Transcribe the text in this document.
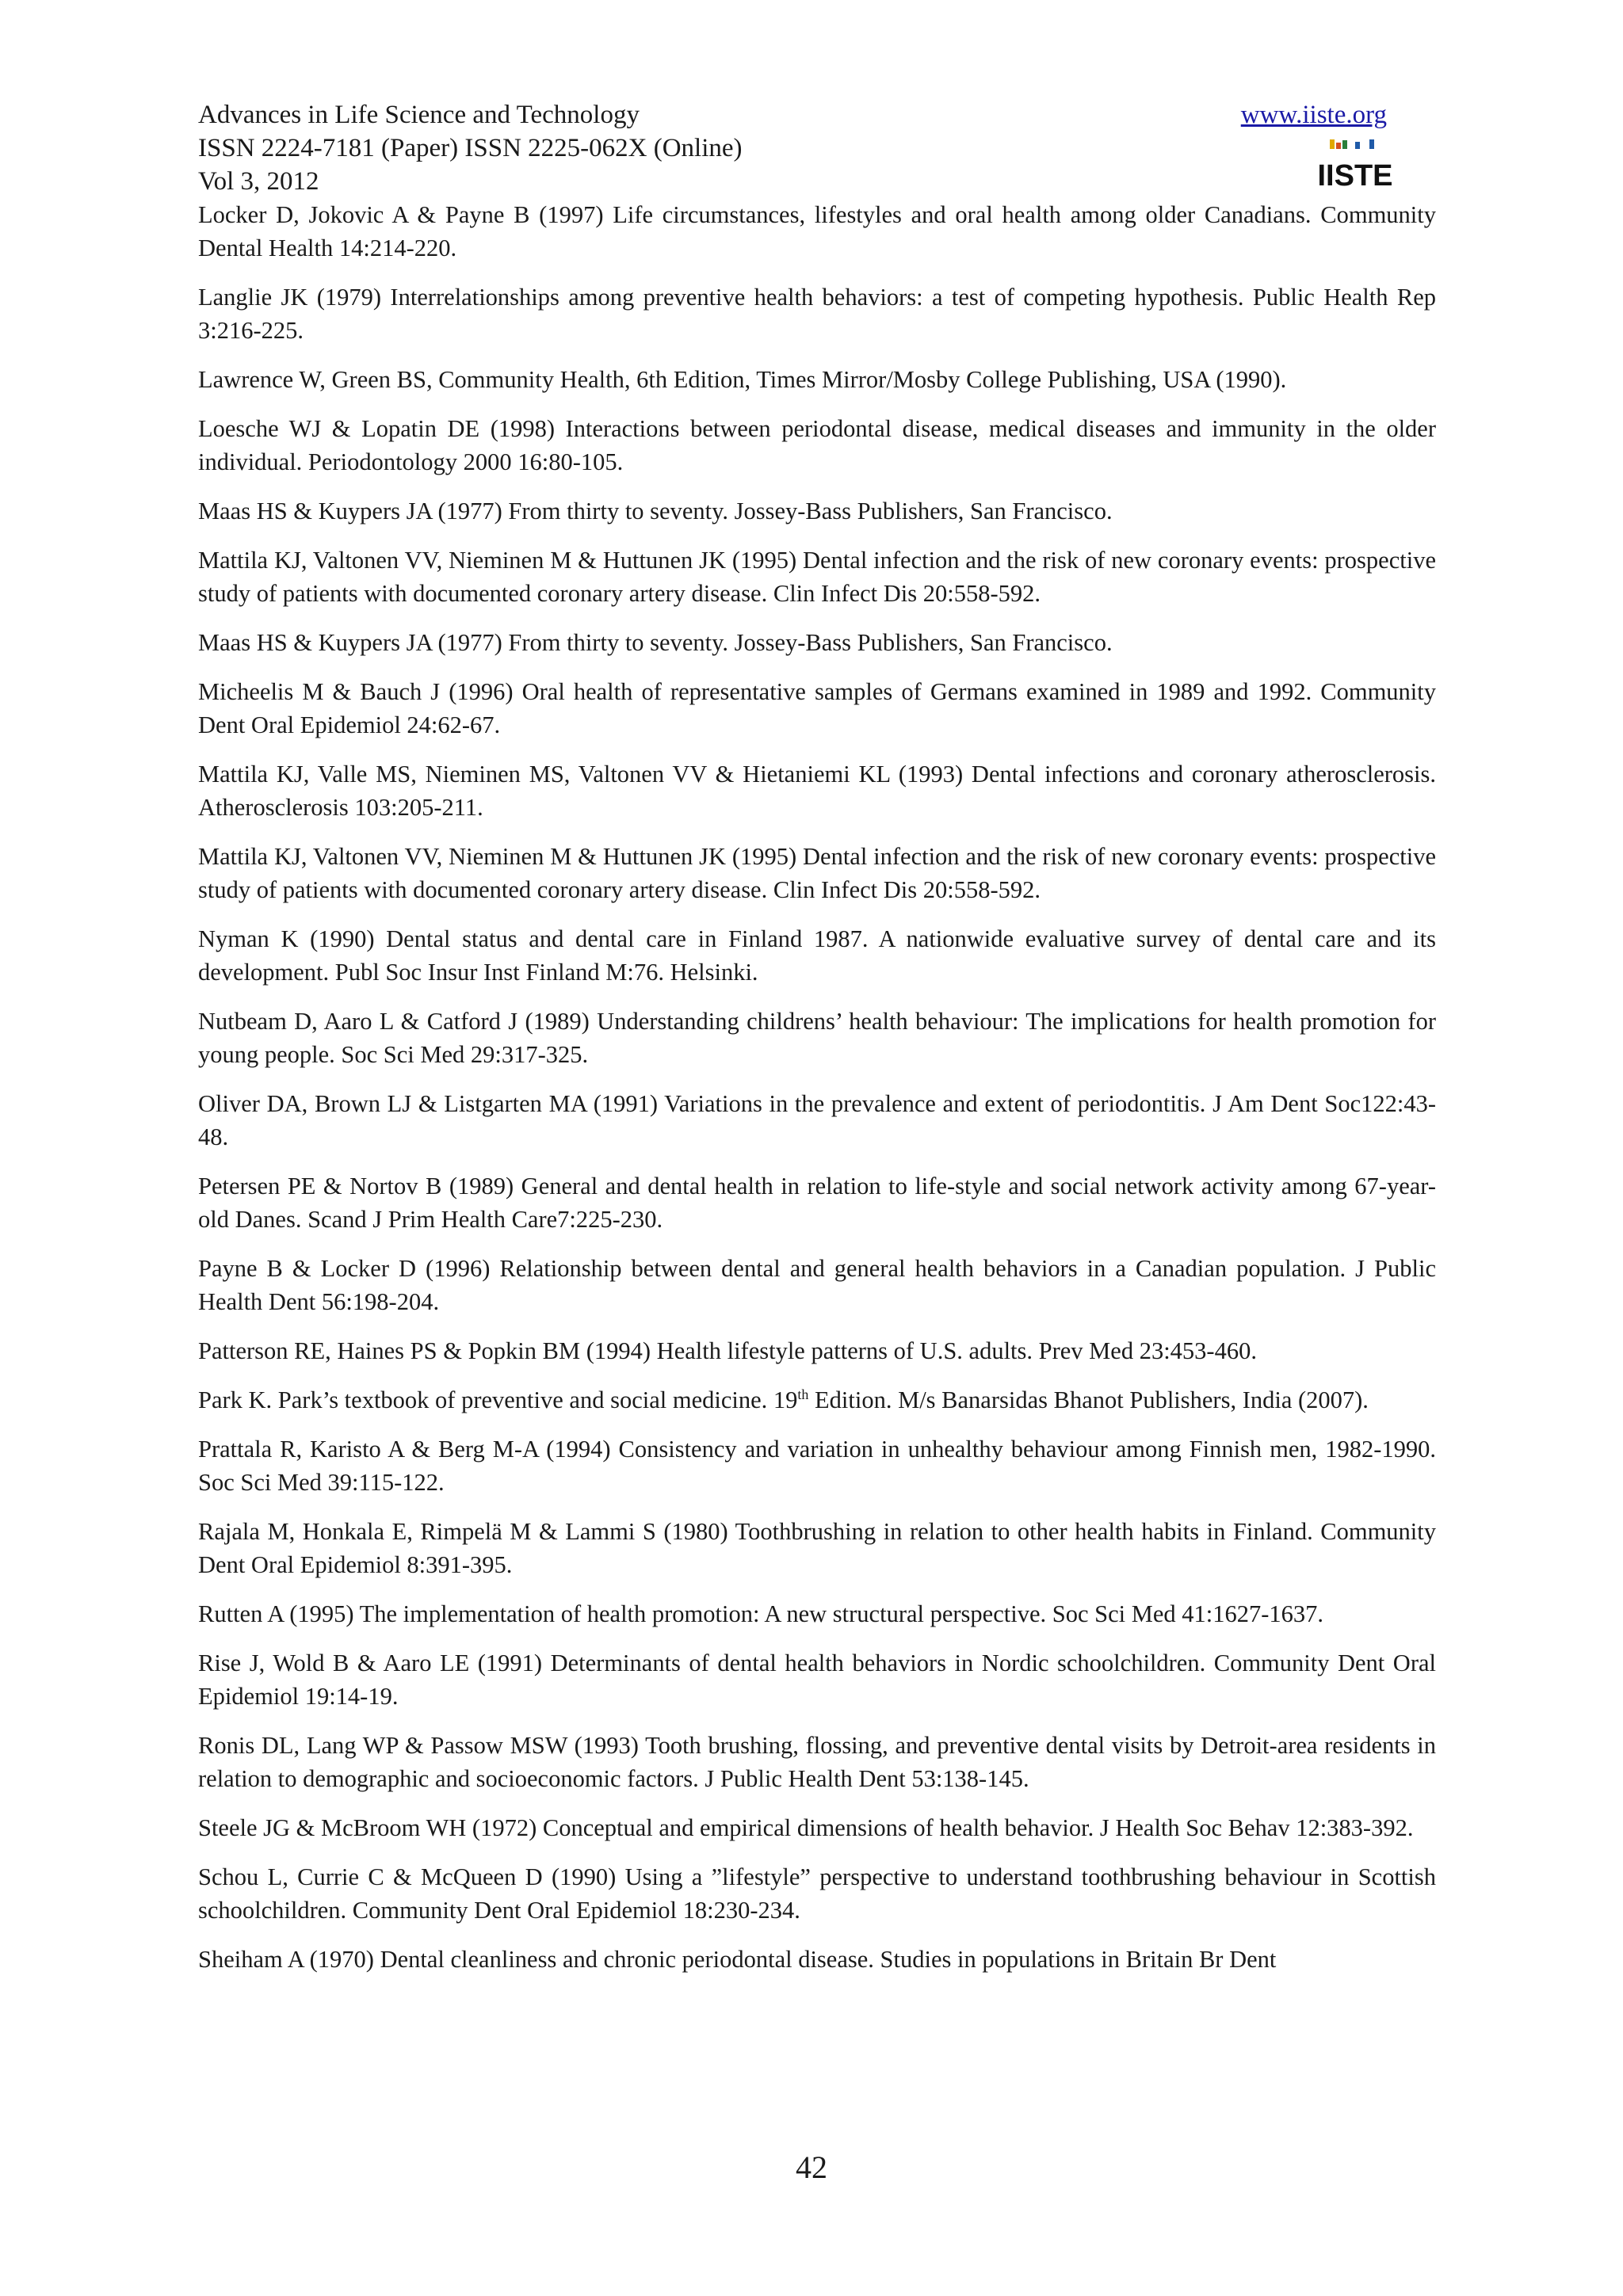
Advances in Life Science and Technology
ISSN 2224-7181 (Paper) ISSN 2225-062X (Online)
Vol 3, 2012
www.iiste.org
IISTE

Locker D, Jokovic A & Payne B (1997) Life circumstances, lifestyles and oral health among older Canadians. Community Dental Health 14:214-220.

Langlie JK (1979) Interrelationships among preventive health behaviors: a test of competing hypothesis. Public Health Rep 3:216-225.

Lawrence W, Green BS, Community Health, 6th Edition, Times Mirror/Mosby College Publishing, USA (1990).

Loesche WJ & Lopatin DE (1998) Interactions between periodontal disease, medical diseases and immunity in the older individual. Periodontology 2000 16:80-105.

Maas HS & Kuypers JA (1977) From thirty to seventy. Jossey-Bass Publishers, San Francisco.

Mattila KJ, Valtonen VV, Nieminen M & Huttunen JK (1995) Dental infection and the risk of new coronary events: prospective study of patients with documented coronary artery disease. Clin Infect Dis 20:558-592.

Maas HS & Kuypers JA (1977) From thirty to seventy. Jossey-Bass Publishers, San Francisco.

Micheelis M & Bauch J (1996) Oral health of representative samples of Germans examined in 1989 and 1992. Community Dent Oral Epidemiol 24:62-67.

Mattila KJ, Valle MS, Nieminen MS, Valtonen VV & Hietaniemi KL (1993) Dental infections and coronary atherosclerosis. Atherosclerosis 103:205-211.

Mattila KJ, Valtonen VV, Nieminen M & Huttunen JK (1995) Dental infection and the risk of new coronary events: prospective study of patients with documented coronary artery disease. Clin Infect Dis 20:558-592.

Nyman K (1990) Dental status and dental care in Finland 1987. A nationwide evaluative survey of dental care and its development. Publ Soc Insur Inst Finland M:76. Helsinki.

Nutbeam D, Aaro L & Catford J (1989) Understanding childrens’ health behaviour: The implications for health promotion for young people. Soc Sci Med 29:317-325.

Oliver DA, Brown LJ & Listgarten MA (1991) Variations in the prevalence and extent of periodontitis. J Am Dent Soc122:43-48.

Petersen PE & Nortov B (1989) General and dental health in relation to life-style and social network activity among 67-year-old Danes. Scand J Prim Health Care7:225-230.

Payne B & Locker D (1996) Relationship between dental and general health behaviors in a Canadian population. J Public Health Dent 56:198-204.

Patterson RE, Haines PS & Popkin BM (1994) Health lifestyle patterns of U.S. adults. Prev Med 23:453-460.

Park K. Park’s textbook of preventive and social medicine. 19th Edition. M/s Banarsidas Bhanot Publishers, India (2007).

Prattala R, Karisto A & Berg M-A (1994) Consistency and variation in unhealthy behaviour among Finnish men, 1982-1990. Soc Sci Med 39:115-122.

Rajala M, Honkala E, Rimpelä M & Lammi S (1980) Toothbrushing in relation to other health habits in Finland. Community Dent Oral Epidemiol 8:391-395.

Rutten A (1995) The implementation of health promotion: A new structural perspective. Soc Sci Med 41:1627-1637.

Rise J, Wold B & Aaro LE (1991) Determinants of dental health behaviors in Nordic schoolchildren. Community Dent Oral Epidemiol 19:14-19.

Ronis DL, Lang WP & Passow MSW (1993) Tooth brushing, flossing, and preventive dental visits by Detroit-area residents in relation to demographic and socioeconomic factors. J Public Health Dent 53:138-145.

Steele JG & McBroom WH (1972) Conceptual and empirical dimensions of health behavior. J Health Soc Behav 12:383-392.

Schou L, Currie C & McQueen D (1990) Using a ”lifestyle” perspective to understand toothbrushing behaviour in Scottish schoolchildren. Community Dent Oral Epidemiol 18:230-234.

Sheiham A (1970) Dental cleanliness and chronic periodontal disease. Studies in populations in Britain Br Dent

42
